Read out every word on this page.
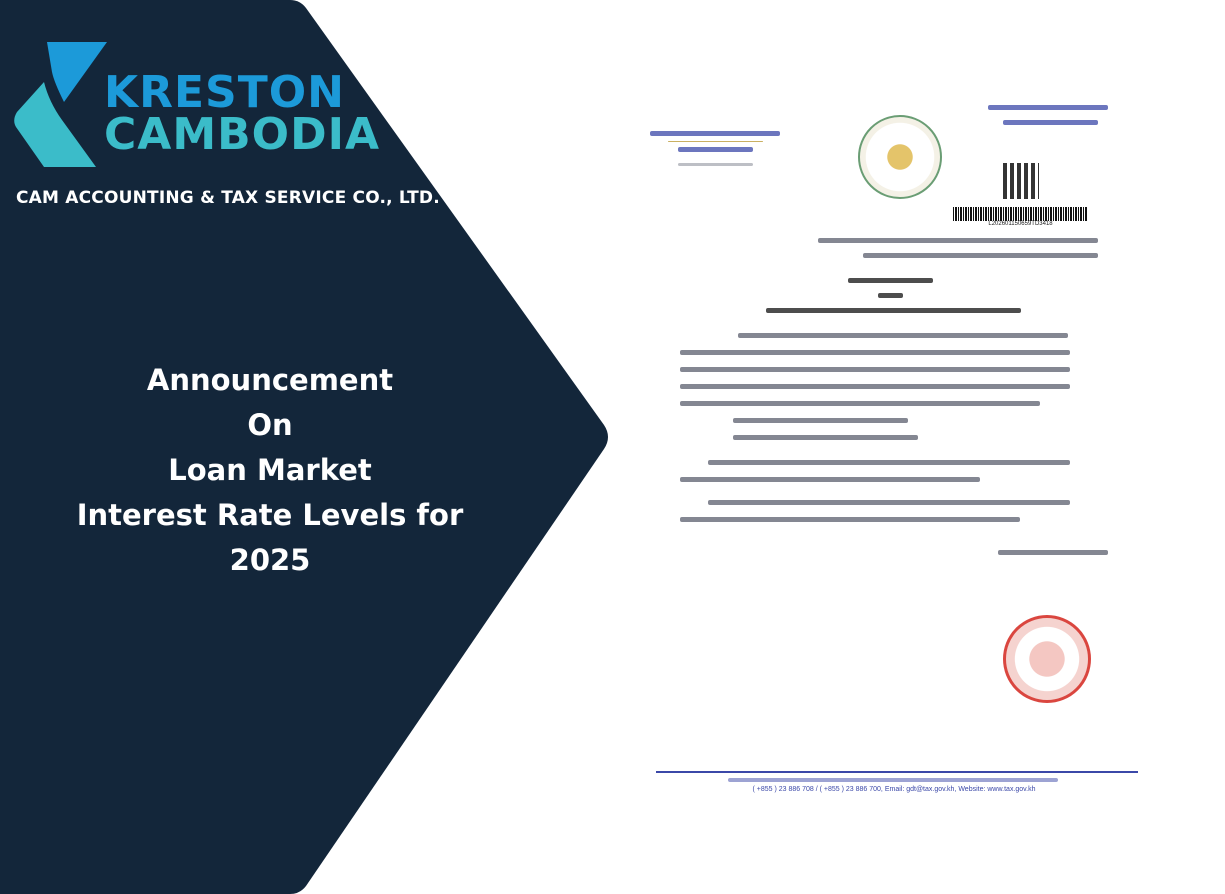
KRESTON
CAMBODIA
CAM ACCOUNTING & TAX SERVICE CO., LTD.
Announcement
On
Loan Market
Interest Rate Levels for 2025
L202601150659TD3418
( +855 ) 23 886 708 / ( +855 ) 23 886 700, Email: gdt@tax.gov.kh, Website: www.tax.gov.kh
